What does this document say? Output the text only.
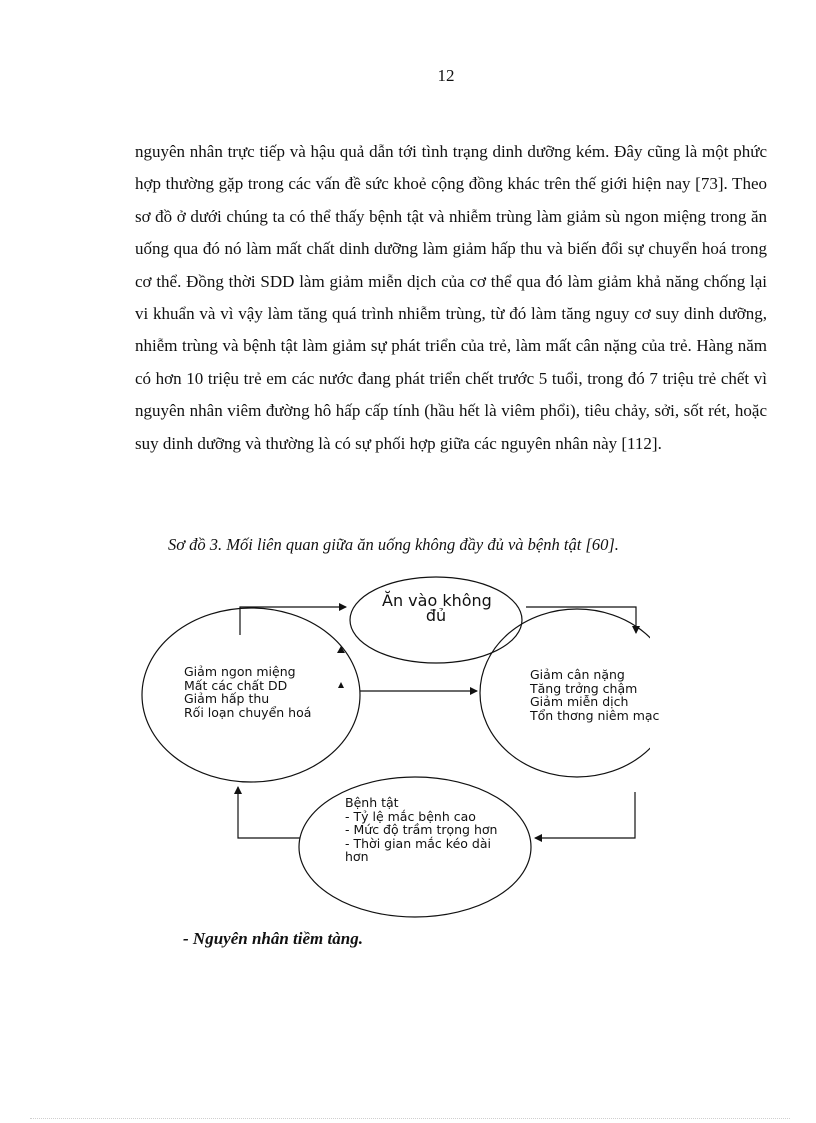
12
nguyên nhân trực tiếp và hậu quả dẫn tới tình trạng dinh dưỡng kém. Đây cũng là một phức hợp thường gặp trong các vấn đề sức khoẻ cộng đồng khác trên thế giới hiện nay [73]. Theo sơ đồ ở dưới chúng ta có thể thấy bệnh tật và nhiễm trùng làm giảm sù ngon miệng trong ăn uống qua đó nó làm mất chất dinh dưỡng làm giảm hấp thu và biến đổi sự chuyển hoá trong cơ thể. Đồng thời SDD làm giảm miễn dịch của cơ thể qua đó làm giảm khả năng chống lại vi khuẩn và vì vậy làm tăng quá trình nhiễm trùng, từ đó làm tăng nguy cơ suy dinh dưỡng, nhiễm trùng và bệnh tật làm giảm sự phát triển của trẻ, làm mất cân nặng của trẻ. Hàng năm có hơn 10 triệu trẻ em các nước đang phát triển chết trước 5 tuổi, trong đó 7 triệu trẻ chết vì nguyên nhân viêm đường hô hấp cấp tính (hầu hết là viêm phổi), tiêu chảy, sởi, sốt rét, hoặc suy dinh dưỡng và thường là có sự phối hợp giữa các nguyên nhân này [112].
Sơ đồ 3. Mối liên quan giữa ăn uống không đầy đủ và bệnh tật [60].
Ăn vào không
đủ
Giảm ngon miệng
Mất các chất DD
Giảm hấp thu
Rối loạn chuyển hoá
Giảm cân nặng
Tăng trởng chậm
Giảm miễn dịch
Tổn thơng niêm mạc
Bệnh tật
- Tỷ lệ mắc bệnh cao
- Mức độ trầm trọng hơn
- Thời gian mắc kéo dài
hơn
- Nguyên nhân tiềm tàng.
